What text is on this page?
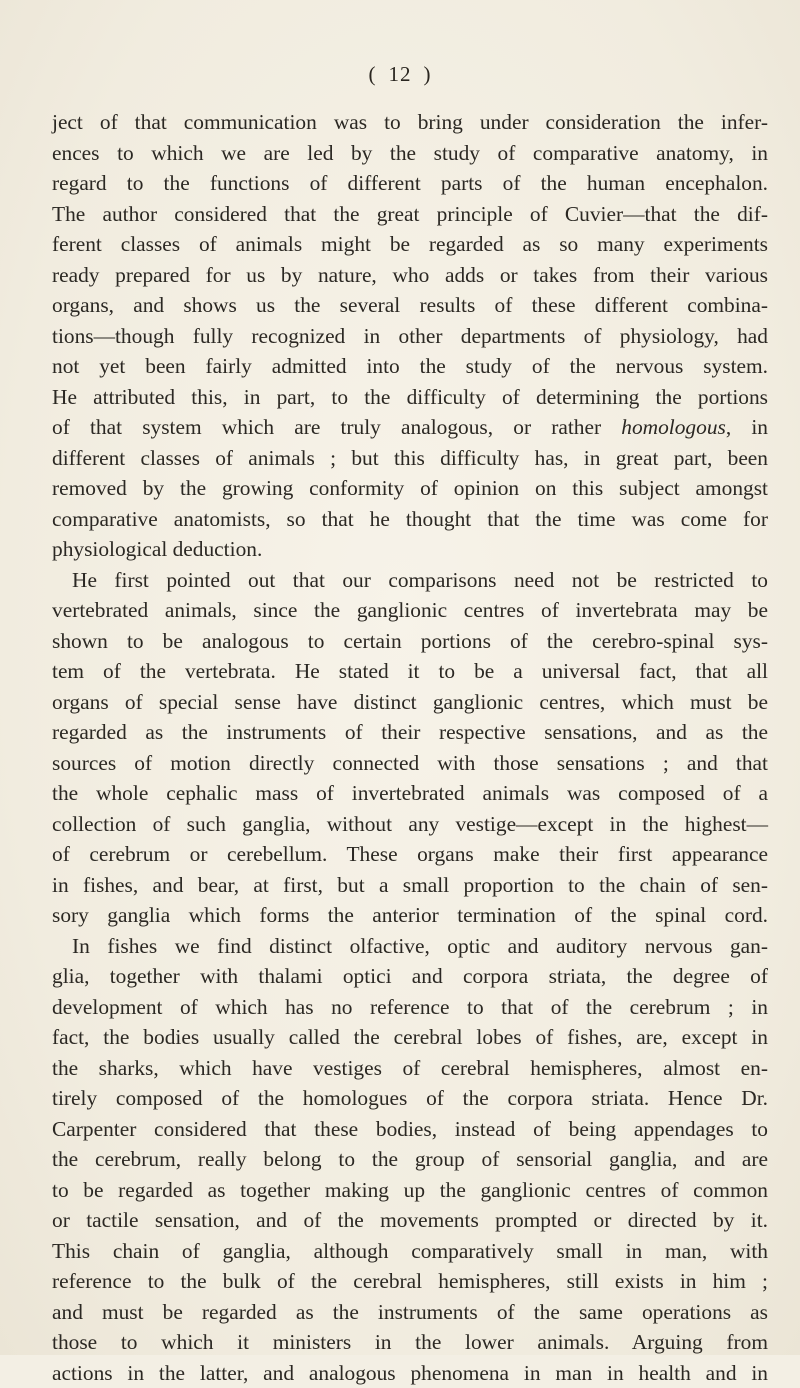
( 12 )
ject of that communication was to bring under consideration the infer-
ences to which we are led by the study of comparative anatomy, in
regard to the functions of different parts of the human encephalon.
The author considered that the great principle of Cuvier—that the dif-
ferent classes of animals might be regarded as so many experiments
ready prepared for us by nature, who adds or takes from their various
organs, and shows us the several results of these different combina-
tions—though fully recognized in other departments of physiology, had
not yet been fairly admitted into the study of the nervous system.
He attributed this, in part, to the difficulty of determining the portions
of that system which are truly analogous, or rather homologous, in
different classes of animals ; but this difficulty has, in great part, been
removed by the growing conformity of opinion on this subject amongst
comparative anatomists, so that he thought that the time was come for
physiological deduction.
He first pointed out that our comparisons need not be restricted to
vertebrated animals, since the ganglionic centres of invertebrata may be
shown to be analogous to certain portions of the cerebro-spinal sys-
tem of the vertebrata. He stated it to be a universal fact, that all
organs of special sense have distinct ganglionic centres, which must be
regarded as the instruments of their respective sensations, and as the
sources of motion directly connected with those sensations ; and that
the whole cephalic mass of invertebrated animals was composed of a
collection of such ganglia, without any vestige—except in the highest—
of cerebrum or cerebellum. These organs make their first appearance
in fishes, and bear, at first, but a small proportion to the chain of sen-
sory ganglia which forms the anterior termination of the spinal cord.
In fishes we find distinct olfactive, optic and auditory nervous gan-
glia, together with thalami optici and corpora striata, the degree of
development of which has no reference to that of the cerebrum ; in
fact, the bodies usually called the cerebral lobes of fishes, are, except in
the sharks, which have vestiges of cerebral hemispheres, almost en-
tirely composed of the homologues of the corpora striata. Hence Dr.
Carpenter considered that these bodies, instead of being appendages to
the cerebrum, really belong to the group of sensorial ganglia, and are
to be regarded as together making up the ganglionic centres of common
or tactile sensation, and of the movements prompted or directed by it.
This chain of ganglia, although comparatively small in man, with
reference to the bulk of the cerebral hemispheres, still exists in him ;
and must be regarded as the instruments of the same operations as
those to which it ministers in the lower animals. Arguing from
actions in the latter, and analogous phenomena in man in health and in
